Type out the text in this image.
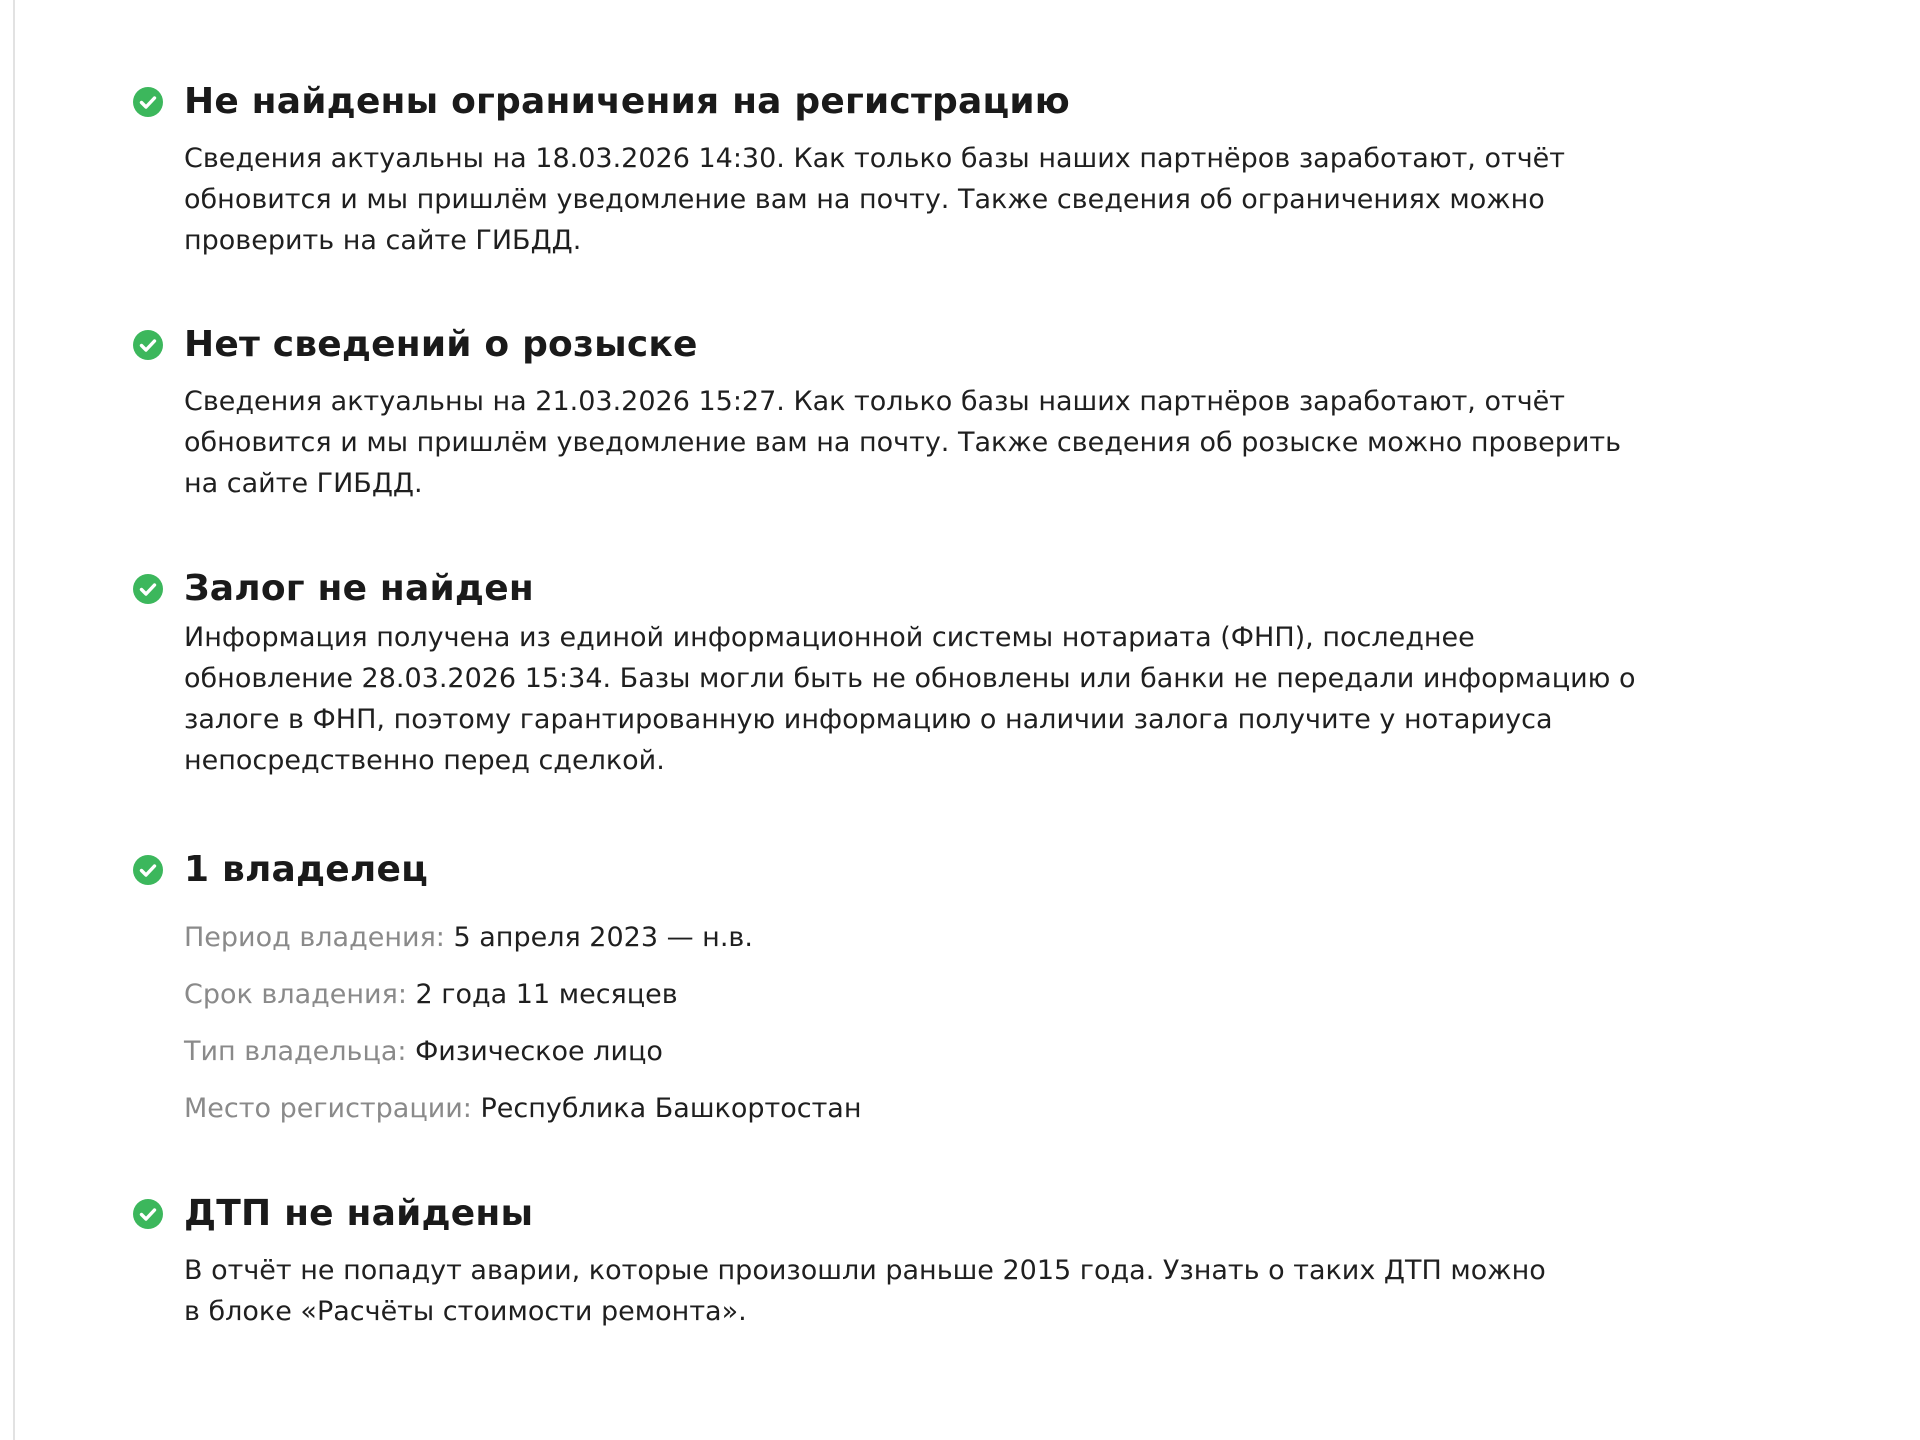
Не найдены ограничения на регистрацию

Сведения актуальны на 18.03.2026 14:30. Как только базы наших партнёров заработают, отчёт
обновится и мы пришлём уведомление вам на почту. Также сведения об ограничениях можно
проверить на сайте ГИБДД.

Нет сведений о розыске

Сведения актуальны на 21.03.2026 15:27. Как только базы наших партнёров заработают, отчёт
обновится и мы пришлём уведомление вам на почту. Также сведения об розыске можно проверить
на сайте ГИБДД.

Залог не найден

Информация получена из единой информационной системы нотариата (ФНП), последнее
обновление 28.03.2026 15:34. Базы могли быть не обновлены или банки не передали информацию о
залоге в ФНП, поэтому гарантированную информацию о наличии залога получите у нотариуса
непосредственно перед сделкой.

1 владелец
Период владения: 5 апреля 2023 — н.в.
Срок владения: 2 года 11 месяцев
Тип владельца: Физическое лицо
Место регистрации: Республика Башкортостан
ДТП не найдены

В отчёт не попадут аварии, которые произошли раньше 2015 года. Узнать о таких ДТП можно
в блоке «Расчёты стоимости ремонта».
